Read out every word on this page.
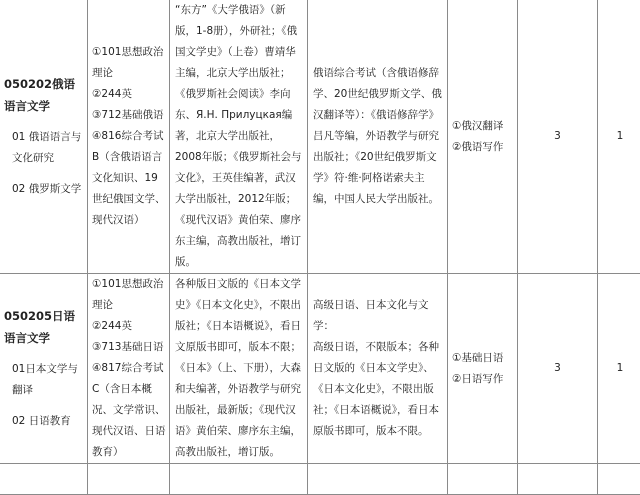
050202俄语语言文学
01 俄语语言与文化研究
02 俄罗斯文学	①101思想政治理论
②244英
③712基础俄语
④816综合考试B（含俄语语言文化知识、19世纪俄国文学、现代汉语）	“东方”《大学俄语》（新版，1-8册），外研社；《俄国文学史》（上卷）曹靖华主编，北京大学出版社；《俄罗斯社会阅读》李向东、Я.Н. Прилуцкая编著，北京大学出版社，2008年版；《俄罗斯社会与文化》，王英佳编著，武汉大学出版社，2012年版；《现代汉语》黄伯荣、廖序东主编，高教出版社，增订版。	俄语综合考试（含俄语修辞学、20世纪俄罗斯文学、俄汉翻译等）：《俄语修辞学》吕凡等编，外语教学与研究出版社；《20世纪俄罗斯文学》符·维·阿格诺索夫主编，中国人民大学出版社。	①俄汉翻译
②俄语写作	3	1

050205日语语言文学
01日本文学与翻译
02 日语教育	①101思想政治理论
②244英
③713基础日语
④817综合考试C（含日本概况、文学常识、现代汉语、日语教育）	各种版日文版的《日本文学史》《日本文化史》，不限出版社；《日本语概说》，看日文原版书即可，版本不限；《日本》（上、下册），大森和夫编著，外语教学与研究出版社，最新版；《现代汉语》黄伯荣、廖序东主编，高教出版社，增订版。	高级日语、日本文化与文学：
高级日语，不限版本；各种日文版的《日本文学史》、《日本文化史》，不限出版社；《日本语概说》，看日本原版书即可，版本不限。	①基础日语
②日语写作	3	1
